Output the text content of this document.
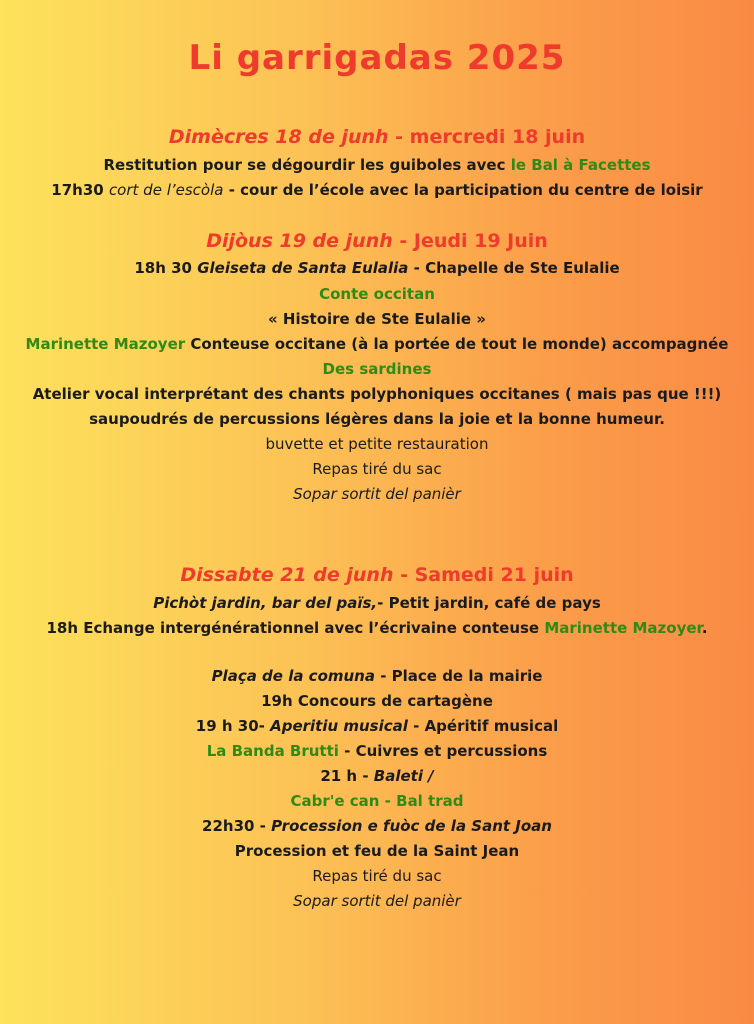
Li garrigadas 2025
Dimècres 18 de junh - mercredi 18 juin
Restitution pour se dégourdir les guiboles avec le Bal à Facettes
17h30 cort de l’escòla - cour de l’école avec la participation du centre de loisir
Dijòus 19 de junh - Jeudi 19 Juin
18h 30 Gleiseta de Santa Eulalia - Chapelle de Ste Eulalie
Conte occitan
« Histoire de Ste Eulalie »
Marinette Mazoyer Conteuse occitane (à la portée de tout le monde) accompagnée
Des sardines
Atelier vocal interprétant des chants polyphoniques occitanes ( mais pas que !!!)
saupoudrés de percussions légères dans la joie et la bonne humeur.
buvette et petite restauration
Repas tiré du sac
Sopar sortit del panièr
Dissabte 21 de junh - Samedi 21 juin
Pichòt jardin, bar del païs,- Petit jardin, café de pays
18h Echange intergénérationnel avec l’écrivaine conteuse Marinette Mazoyer.
Plaça de la comuna - Place de la mairie
19h Concours de cartagène
19 h 30- Aperitiu musical - Apéritif musical
La Banda Brutti - Cuivres et percussions
21 h - Baleti /
Cabr'e can - Bal trad
22h30 - Procession e fuòc de la Sant Joan
Procession et feu de la Saint Jean
Repas tiré du sac
Sopar sortit del panièr
